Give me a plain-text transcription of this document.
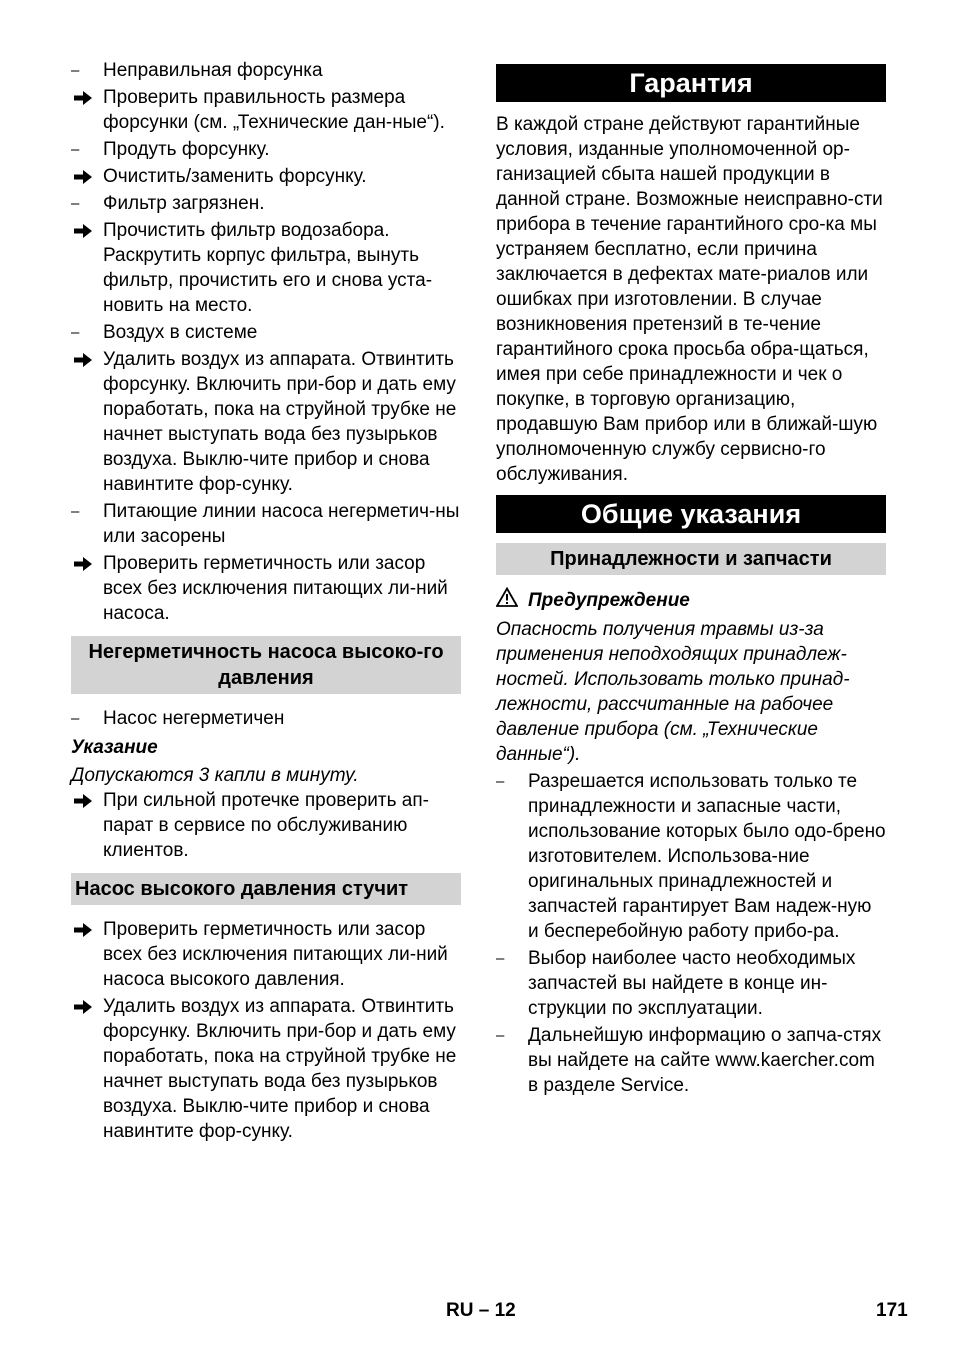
–	Неправильная форсунка
Проверить правильность размера форсунки (см. „Технические дан-ные“).
–	Продуть форсунку.
Очистить/заменить форсунку.
–	Фильтр загрязнен.
Прочистить фильтр водозабора. Раскрутить корпус фильтра, вынуть фильтр, прочистить его и снова уста-новить на место.
–	Воздух в системе
Удалить воздух из аппарата. Отвинтить форсунку. Включить при-бор и дать ему поработать, пока на струйной трубке не начнет выступать вода без пузырьков воздуха. Выклю-чите прибор и снова навинтите фор-сунку.
–	Питающие линии насоса негерметич-ны или засорены
Проверить герметичность или засор всех без исключения питающих ли-ний насоса.
Негерметичность насоса высоко-го давления
–	Насос негерметичен

Указание

Допускаются 3 капли в минуту.

При сильной протечке проверить ап-парат в сервисе по обслуживанию клиентов.
Насос высокого давления стучит
Проверить герметичность или засор всех без исключения питающих ли-ний насоса высокого давления.
Удалить воздух из аппарата. Отвинтить форсунку. Включить при-бор и дать ему поработать, пока на струйной трубке не начнет выступать вода без пузырьков воздуха. Выклю-чите прибор и снова навинтите фор-сунку.
Гарантия

В каждой стране действуют гарантийные условия, изданные уполномоченной ор-ганизацией сбыта нашей продукции в данной стране. Возможные неисправно-сти прибора в течение гарантийного сро-ка мы устраняем бесплатно, если причина заключается в дефектах мате-риалов или ошибках при изготовлении. В случае возникновения претензий в те-чение гарантийного срока просьба обра-щаться, имея при себе принадлежности и чек о покупке, в торговую организацию, продавшую Вам прибор или в ближай-шую уполномоченную службу сервисно-го обслуживания.

Общие указания
Принадлежности и запчасти
Предупреждение

Опасность получения травмы из-за применения неподходящих принадлеж-ностей. Использовать только принад-лежности, рассчитанные на рабочее давление прибора (см. „Технические данные“).

–	Разрешается использовать только те принадлежности и запасные части, использование которых было одо-брено изготовителем. Использова-ние оригинальных принадлежностей и запчастей гарантирует Вам надеж-ную и бесперебойную работу прибо-ра.
–	Выбор наиболее часто необходимых запчастей вы найдете в конце ин-струкции по эксплуатации.
–	Дальнейшую информацию о запча-стях вы найдете на сайте www.kaercher.com в разделе Service.
RU – 12	171
